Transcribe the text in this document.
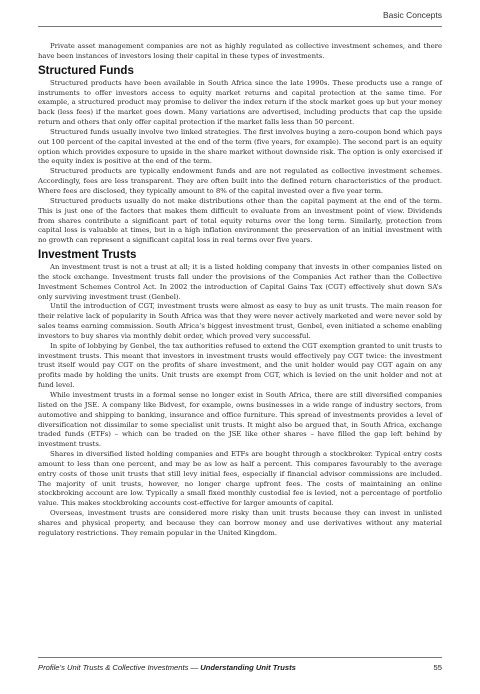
Basic Concepts

Private asset management companies are not as highly regulated as collective investment schemes, and there have been instances of investors losing their capital in these types of investments.

Structured Funds

Structured products have been available in South Africa since the late 1990s. These products use a range of instruments to offer investors access to equity market returns and capital protection at the same time. For example, a structured product may promise to deliver the index return if the stock market goes up but your money back (less fees) if the market goes down. Many variations are advertised, including products that cap the upside return and others that only offer capital protection if the market falls less than 50 percent.

Structured funds usually involve two linked strategies. The first involves buying a zero-coupon bond which pays out 100 percent of the capital invested at the end of the term (five years, for example). The second part is an equity option which provides exposure to upside in the share market without downside risk. The option is only exercised if the equity index is positive at the end of the term.

Structured products are typically endowment funds and are not regulated as collective investment schemes. Accordingly, fees are less transparent. They are often built into the defined return characteristics of the product. Where fees are disclosed, they typically amount to 8% of the capital invested over a five year term.

Structured products usually do not make distributions other than the capital payment at the end of the term. This is just one of the factors that makes them difficult to evaluate from an investment point of view. Dividends from shares contribute a significant part of total equity returns over the long term. Similarly, protection from capital loss is valuable at times, but in a high inflation environment the preservation of an initial investment with no growth can represent a significant capital loss in real terms over five years.

Investment Trusts

An investment trust is not a trust at all; it is a listed holding company that invests in other companies listed on the stock exchange. Investment trusts fall under the provisions of the Companies Act rather than the Collective Investment Schemes Control Act. In 2002 the introduction of Capital Gains Tax (CGT) effectively shut down SA’s only surviving investment trust (Genbel).

Until the introduction of CGT, investment trusts were almost as easy to buy as unit trusts. The main reason for their relative lack of popularity in South Africa was that they were never actively marketed and were never sold by sales teams earning commission. South Africa’s biggest investment trust, Genbel, even initiated a scheme enabling investors to buy shares via monthly debit order, which proved very successful.

In spite of lobbying by Genbel, the tax authorities refused to extend the CGT exemption granted to unit trusts to investment trusts. This meant that investors in investment trusts would effectively pay CGT twice: the investment trust itself would pay CGT on the profits of share investment, and the unit holder would pay CGT again on any profits made by holding the units. Unit trusts are exempt from CGT, which is levied on the unit holder and not at fund level.

While investment trusts in a formal sense no longer exist in South Africa, there are still diversified companies listed on the JSE. A company like Bidvest, for example, owns businesses in a wide range of industry sectors, from automotive and shipping to banking, insurance and office furniture. This spread of investments provides a level of diversification not dissimilar to some specialist unit trusts. It might also be argued that, in South Africa, exchange traded funds (ETFs) – which can be traded on the JSE like other shares – have filled the gap left behind by investment trusts.

Shares in diversified listed holding companies and ETFs are bought through a stockbroker. Typical entry costs amount to less than one percent, and may be as low as half a percent. This compares favourably to the average entry costs of those unit trusts that still levy initial fees, especially if financial advisor commissions are included. The majority of unit trusts, however, no longer charge upfront fees. The costs of maintaining an online stockbroking account are low. Typically a small fixed monthly custodial fee is levied, not a percentage of portfolio value. This makes stockbroking accounts cost-effective for larger amounts of capital.

Overseas, investment trusts are considered more risky than unit trusts because they can invest in unlisted shares and physical property, and because they can borrow money and use derivatives without any material regulatory restrictions. They remain popular in the United Kingdom.

Profile’s Unit Trusts & Collective Investments — Understanding Unit Trusts	55
